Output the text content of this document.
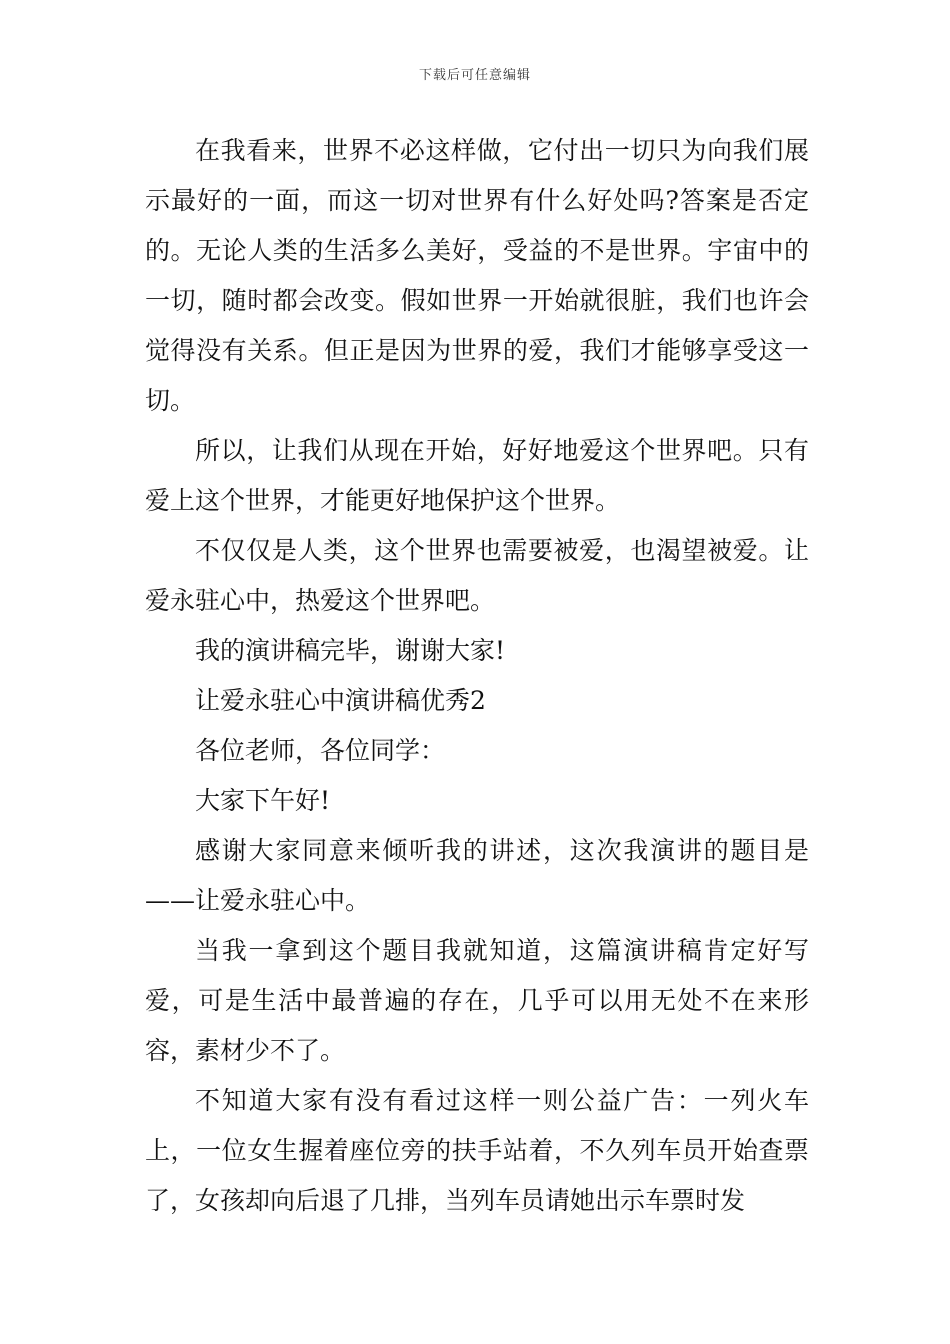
下载后可任意编辑

在我看来，世界不必这样做，它付出一切只为向我们展示最好的一面，而这一切对世界有什么好处吗?答案是否定的。无论人类的生活多么美好，受益的不是世界。宇宙中的一切，随时都会改变。假如世界一开始就很脏，我们也许会觉得没有关系。但正是因为世界的爱，我们才能够享受这一切。

所以，让我们从现在开始，好好地爱这个世界吧。只有爱上这个世界，才能更好地保护这个世界。

不仅仅是人类，这个世界也需要被爱，也渴望被爱。让爱永驻心中，热爱这个世界吧。

我的演讲稿完毕，谢谢大家!

让爱永驻心中演讲稿优秀2

各位老师，各位同学：

大家下午好!

感谢大家同意来倾听我的讲述，这次我演讲的题目是——让爱永驻心中。

当我一拿到这个题目我就知道，这篇演讲稿肯定好写爱，可是生活中最普遍的存在，几乎可以用无处不在来形容，素材少不了。

不知道大家有没有看过这样一则公益广告：一列火车上，一位女生握着座位旁的扶手站着，不久列车员开始查票了，女孩却向后退了几排，当列车员请她出示车票时发
